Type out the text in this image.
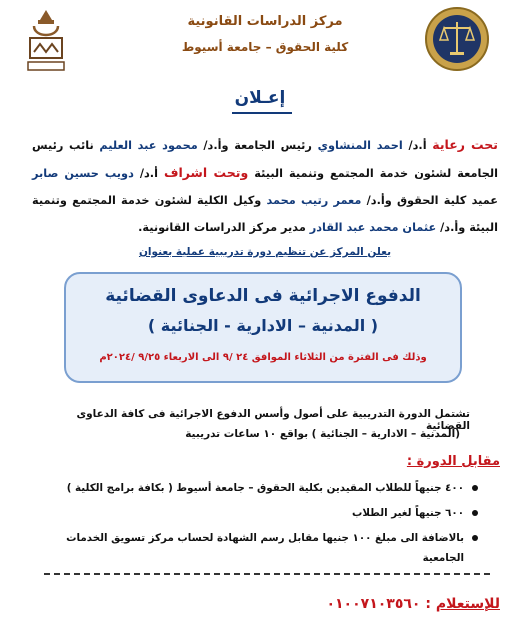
مركز الدراسات القانونية
كلية الحقوق – جامعة أسيوط
إعـلان
تحت رعاية أ.د/ احمد المنشاوي رئيس الجامعة وأ.د/ محمود عبد العليم نائب رئيس الجامعة لشئون خدمة المجتمع وتنمية البيئة وتحت اشراف أ.د/ دويب حسين صابر عميد كلية الحقوق وأ.د/ معمر رتيب محمد وكيل الكلية لشئون خدمة المجتمع وتنمية البيئة وأ.د/ عثمان محمد عبد القادر مدير مركز الدراسات القانونية.
يعلن المركز عن تنظيم دورة تدريبية عملية بعنوان
الدفوع الاجرائية فى الدعاوى القضائية
( المدنية – الادارية - الجنائية )
وذلك فى الفترة من الثلاثاء الموافق ٢٤ /٩ الى الاربعاء ٩/٢٥ /٢٠٢٤م
تشتمل الدورة التدريبية على أصول وأسس الدفوع الاجرائية فى كافة الدعاوى القضائية
(المدنية – الادارية – الجنائية ) بواقع ١٠ ساعات تدريبية
مقابل الدورة :
٤٠٠ جنيهاً للطلاب المقيدين بكلية الحقوق – جامعة أسيوط ( بكافة برامج الكلية )
٦٠٠ جنيهاً لغير الطلاب
بالاضافة الى مبلغ ١٠٠ جنيها مقابل رسم الشهادة لحساب مركز تسويق الخدمات الجامعية
للإستعلام : ٠١٠٠٧١٠٣٥٦٠
